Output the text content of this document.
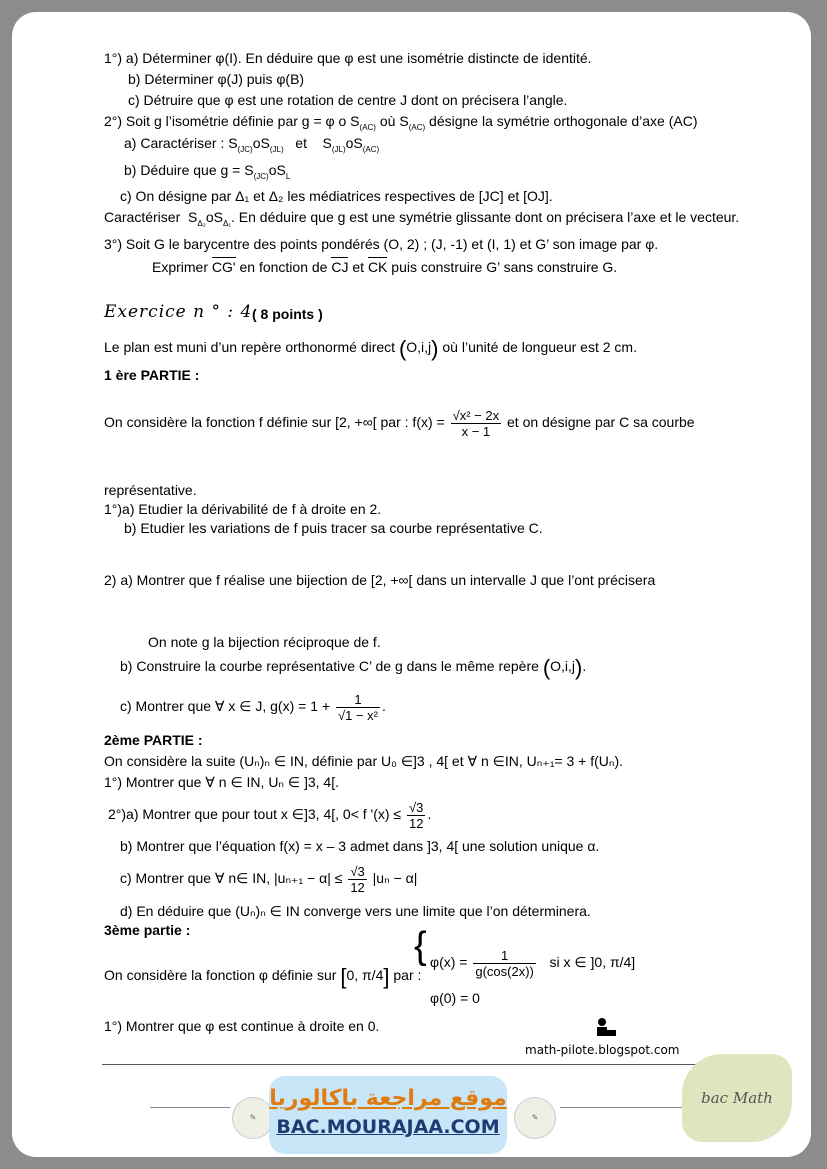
1°) a) Déterminer φ(I). En déduire que φ est une isométrie distincte de identité.
b) Déterminer φ(J) puis φ(B)
c) Détruire que φ est une rotation de centre J dont on précisera l’angle.
2°) Soit g l’isométrie définie par g = φ o $S_{(AC)}$ où $S_{(AC)}$ désigne la symétrie orthogonale d’axe (AC)
a) Caractériser : $S_{(JC)}oS_{(JL)}$   et    $S_{(JL)}oS_{(AC)}$
b) Déduire que $g = S_{(JC)}oS_L$
c) On désigne par Δ₁ et Δ₂ les médiatrices respectives de [JC] et [OJ].
Caractériser  $S_{\Delta_2}oS_{\Delta_1}$. En déduire que g est une symétrie glissante dont on précisera l’axe et le vecteur.
3°) Soit G le barycentre des points pondérés (O, 2) ; (J, -1) et (I, 1) et G’ son image par φ.
Exprimer CG' en fonction de CJ et CK puis construire G’ sans construire G.
Exercice n ° : 4 ( 8 points )
Le plan est muni d’un repère orthonormé direct (O,i,j) où l’unité de longueur est 2 cm.
1 ère PARTIE :
On considère la fonction f définie sur [2, +∞[ par : $f(x) = \frac{\text{√x² − 2x}}{x - 1}$ et on désigne par C sa courbe
représentative.
1°)a) Etudier la dérivabilité de f à droite en 2.
b) Etudier les variations de f puis tracer sa courbe représentative C.
2) a) Montrer que f réalise une bijection de [2, +∞[ dans un intervalle J que l’ont précisera
On note g la bijection réciproque de f.
b) Construire la courbe représentative C’ de g dans le même repère (O,i,j).
c) Montrer que ∀ x ∈ J, $g(x) = 1 + \frac{1}{\text{√1 − x²}}$ .
2ème PARTIE :
On considère la suite (Uₙ)ₙ ∈ IN, définie par U₀ ∈]3 , 4[ et ∀ n ∈IN, Uₙ₊₁= 3 + f(Uₙ).
1°) Montrer que ∀ n ∈ IN, Uₙ ∈ ]3, 4[.
2°)a) Montrer que pour tout x ∈]3, 4[, 0< f '$(x) \le \frac{√3}{12}$ .
b) Montrer que l’équation f(x) = x – 3 admet dans ]3, 4[ une solution unique α.
c) Montrer que ∀ n∈ IN, $|u_{n+1} - \alpha| \le \frac{√3}{12} |u_n - \alpha|$
d) En déduire que (Uₙ)ₙ ∈ IN converge vers une limite que l’on déterminera.
3ème partie :
On considère la fonction φ définie sur [0, π/4] par :
{ $\varphi(x) = \frac{1}{g(\cos(2x))}$ si x ∈ ]0, π/4]
φ(0) = 0
1°) Montrer que φ est continue à droite en 0.
math-pilote.blogspot.com
✎	✎
موقع مراجعة باكالوريا
BAC.MOURAJAA.COM
bac Math
